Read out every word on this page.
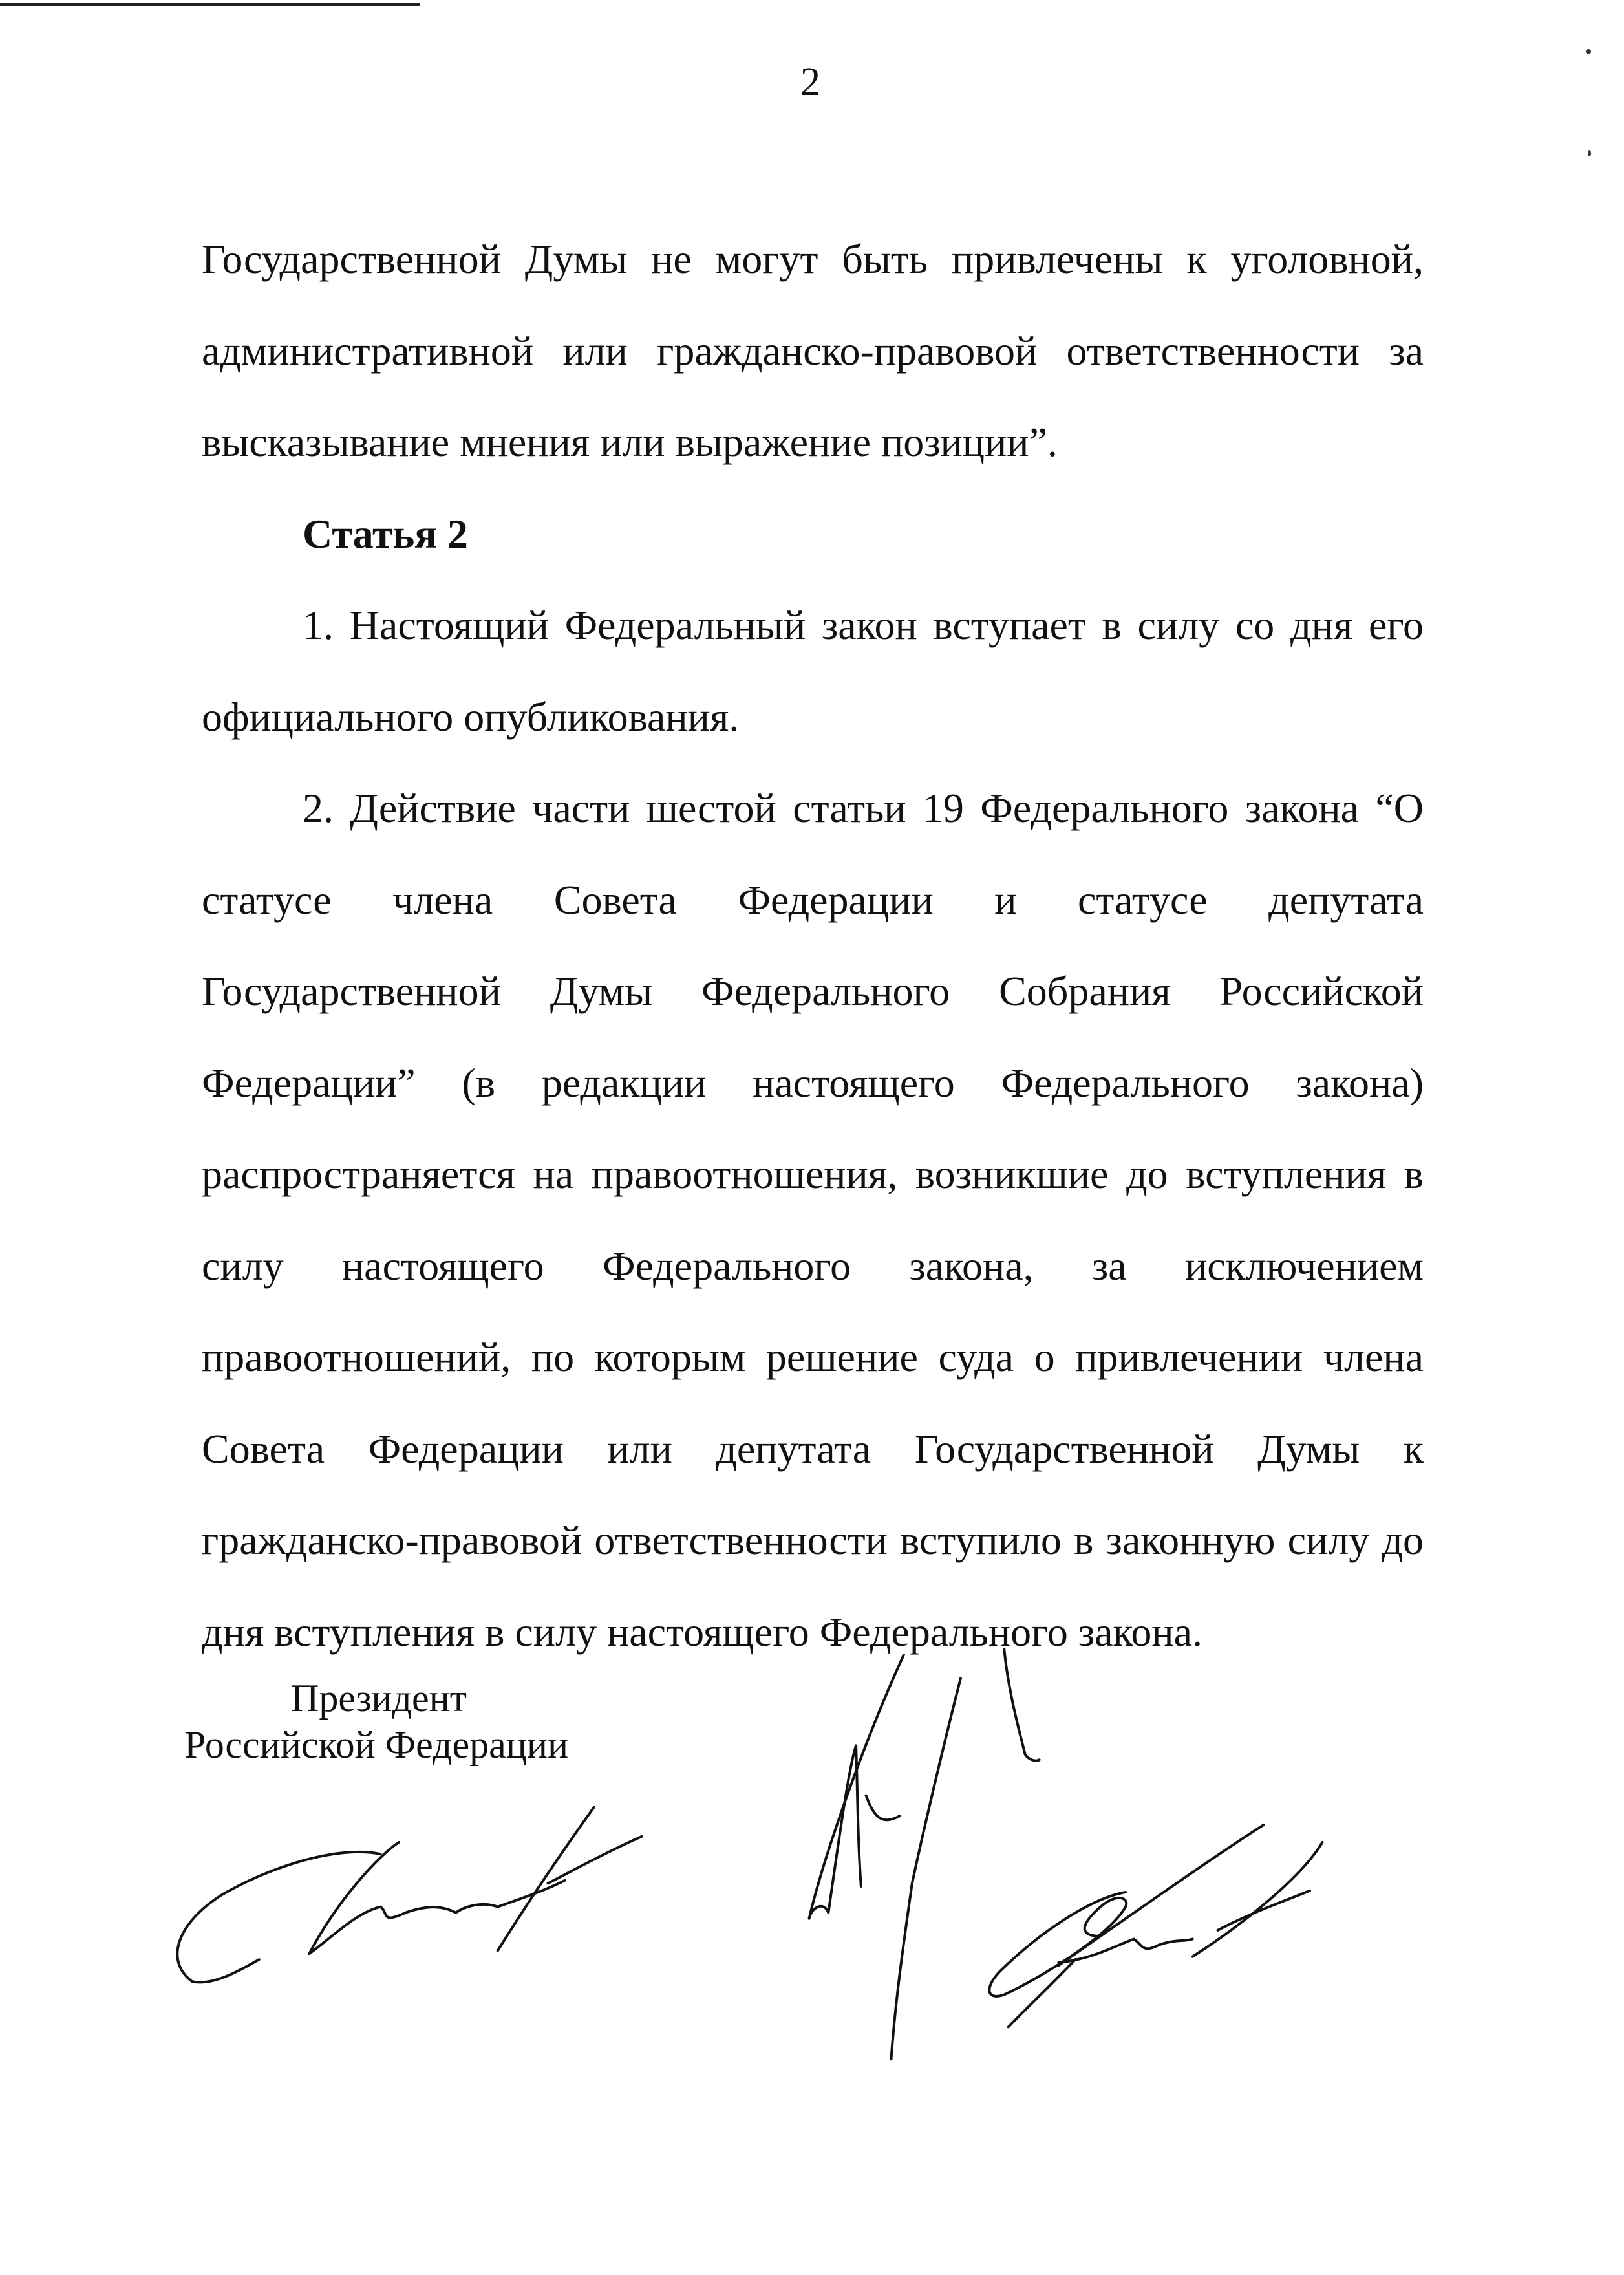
2

Государственной Думы не могут быть привлечены к уголовной, административной или гражданско-правовой ответственности за высказывание мнения или выражение позиции”.

Статья 2

1. Настоящий Федеральный закон вступает в силу со дня его официального опубликования.

2. Действие части шестой статьи 19 Федерального закона “О статусе члена Совета Федерации и статусе депутата Государственной Думы Федерального Собрания Российской Федерации” (в редакции настоящего Федерального закона) распространяется на правоотношения, возникшие до вступления в силу настоящего Федерального закона, за исключением правоотношений, по которым решение суда о привлечении члена Совета Федерации или депутата Государственной Думы к гражданско-правовой ответственности вступило в законную силу до дня вступления в силу настоящего Федерального закона.

Президент
Российской Федерации
